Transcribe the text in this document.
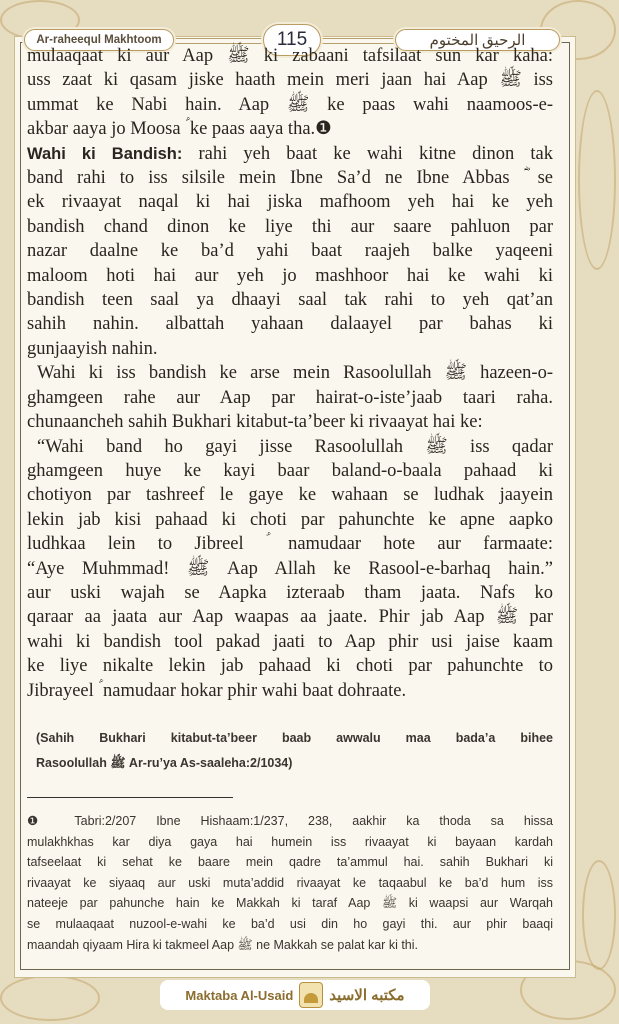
Ar-raheequl Makhtoom	115	الرحيق المختوم
mulaaqaat ki aur Aap ﷺ ki zabaani tafsilaat sun kar kaha:
uss zaat ki qasam jiske haath mein meri jaan hai Aap ﷺ iss
ummat ke Nabi hain. Aap ﷺ ke paas wahi naamoos-e-
akbar aaya jo Moosa ؑ ke paas aaya tha.❶
Wahi ki Bandish: rahi yeh baat ke wahi kitne dinon tak
band rahi to iss silsile mein Ibne Sa’d ne Ibne Abbas ؓ se
ek rivaayat naqal ki hai jiska mafhoom yeh hai ke yeh
bandish chand dinon ke liye thi aur saare pahluon par
nazar daalne ke ba’d yahi baat raajeh balke yaqeeni
maloom hoti hai aur yeh jo mashhoor hai ke wahi ki
bandish teen saal ya dhaayi saal tak rahi to yeh qat’an
sahih nahin. albattah yahaan dalaayel par bahas ki
gunjaayish nahin.
Wahi ki iss bandish ke arse mein Rasoolullah ﷺ hazeen-o-
ghamgeen rahe aur Aap par hairat-o-iste’jaab taari raha.
chunaancheh sahih Bukhari kitabut-ta’beer ki rivaayat hai ke:
“Wahi band ho gayi jisse Rasoolullah ﷺ iss qadar
ghamgeen huye ke kayi baar baland-o-baala pahaad ki
chotiyon par tashreef le gaye ke wahaan se ludhak jaayein
lekin jab kisi pahaad ki choti par pahunchte ke apne aapko
ludhkaa lein to Jibreel ؑ namudaar hote aur farmaate:
“Aye Muhmmad! ﷺ Aap Allah ke Rasool-e-barhaq hain.”
aur uski wajah se Aapka izteraab tham jaata. Nafs ko
qaraar aa jaata aur Aap waapas aa jaate. Phir jab Aap ﷺ par
wahi ki bandish tool pakad jaati to Aap phir usi jaise kaam
ke liye nikalte lekin jab pahaad ki choti par pahunchte to
Jibrayeel ؑ namudaar hokar phir wahi baat dohraate.
(Sahih Bukhari kitabut-ta’beer baab awwalu maa bada’a bihee
Rasoolullah ﷺ Ar-ru’ya As-saaleha:2/1034)
❶ Tabri:2/207 Ibne Hishaam:1/237, 238, aakhir ka thoda sa hissa
mulakhkhas kar diya gaya hai humein iss rivaayat ki bayaan kardah
tafseelaat ki sehat ke baare mein qadre ta’ammul hai. sahih Bukhari ki
rivaayat ke siyaaq aur uski muta’addid rivaayat ke taqaabul ke ba’d hum iss
nateeje par pahunche hain ke Makkah ki taraf Aap ﷺ ki waapsi aur Warqah
se mulaaqaat nuzool-e-wahi ke ba’d usi din ho gayi thi. aur phir baaqi
maandah qiyaam Hira ki takmeel Aap ﷺ ne Makkah se palat kar ki thi.
Maktaba Al-Usaid مكتبه الاسيد
